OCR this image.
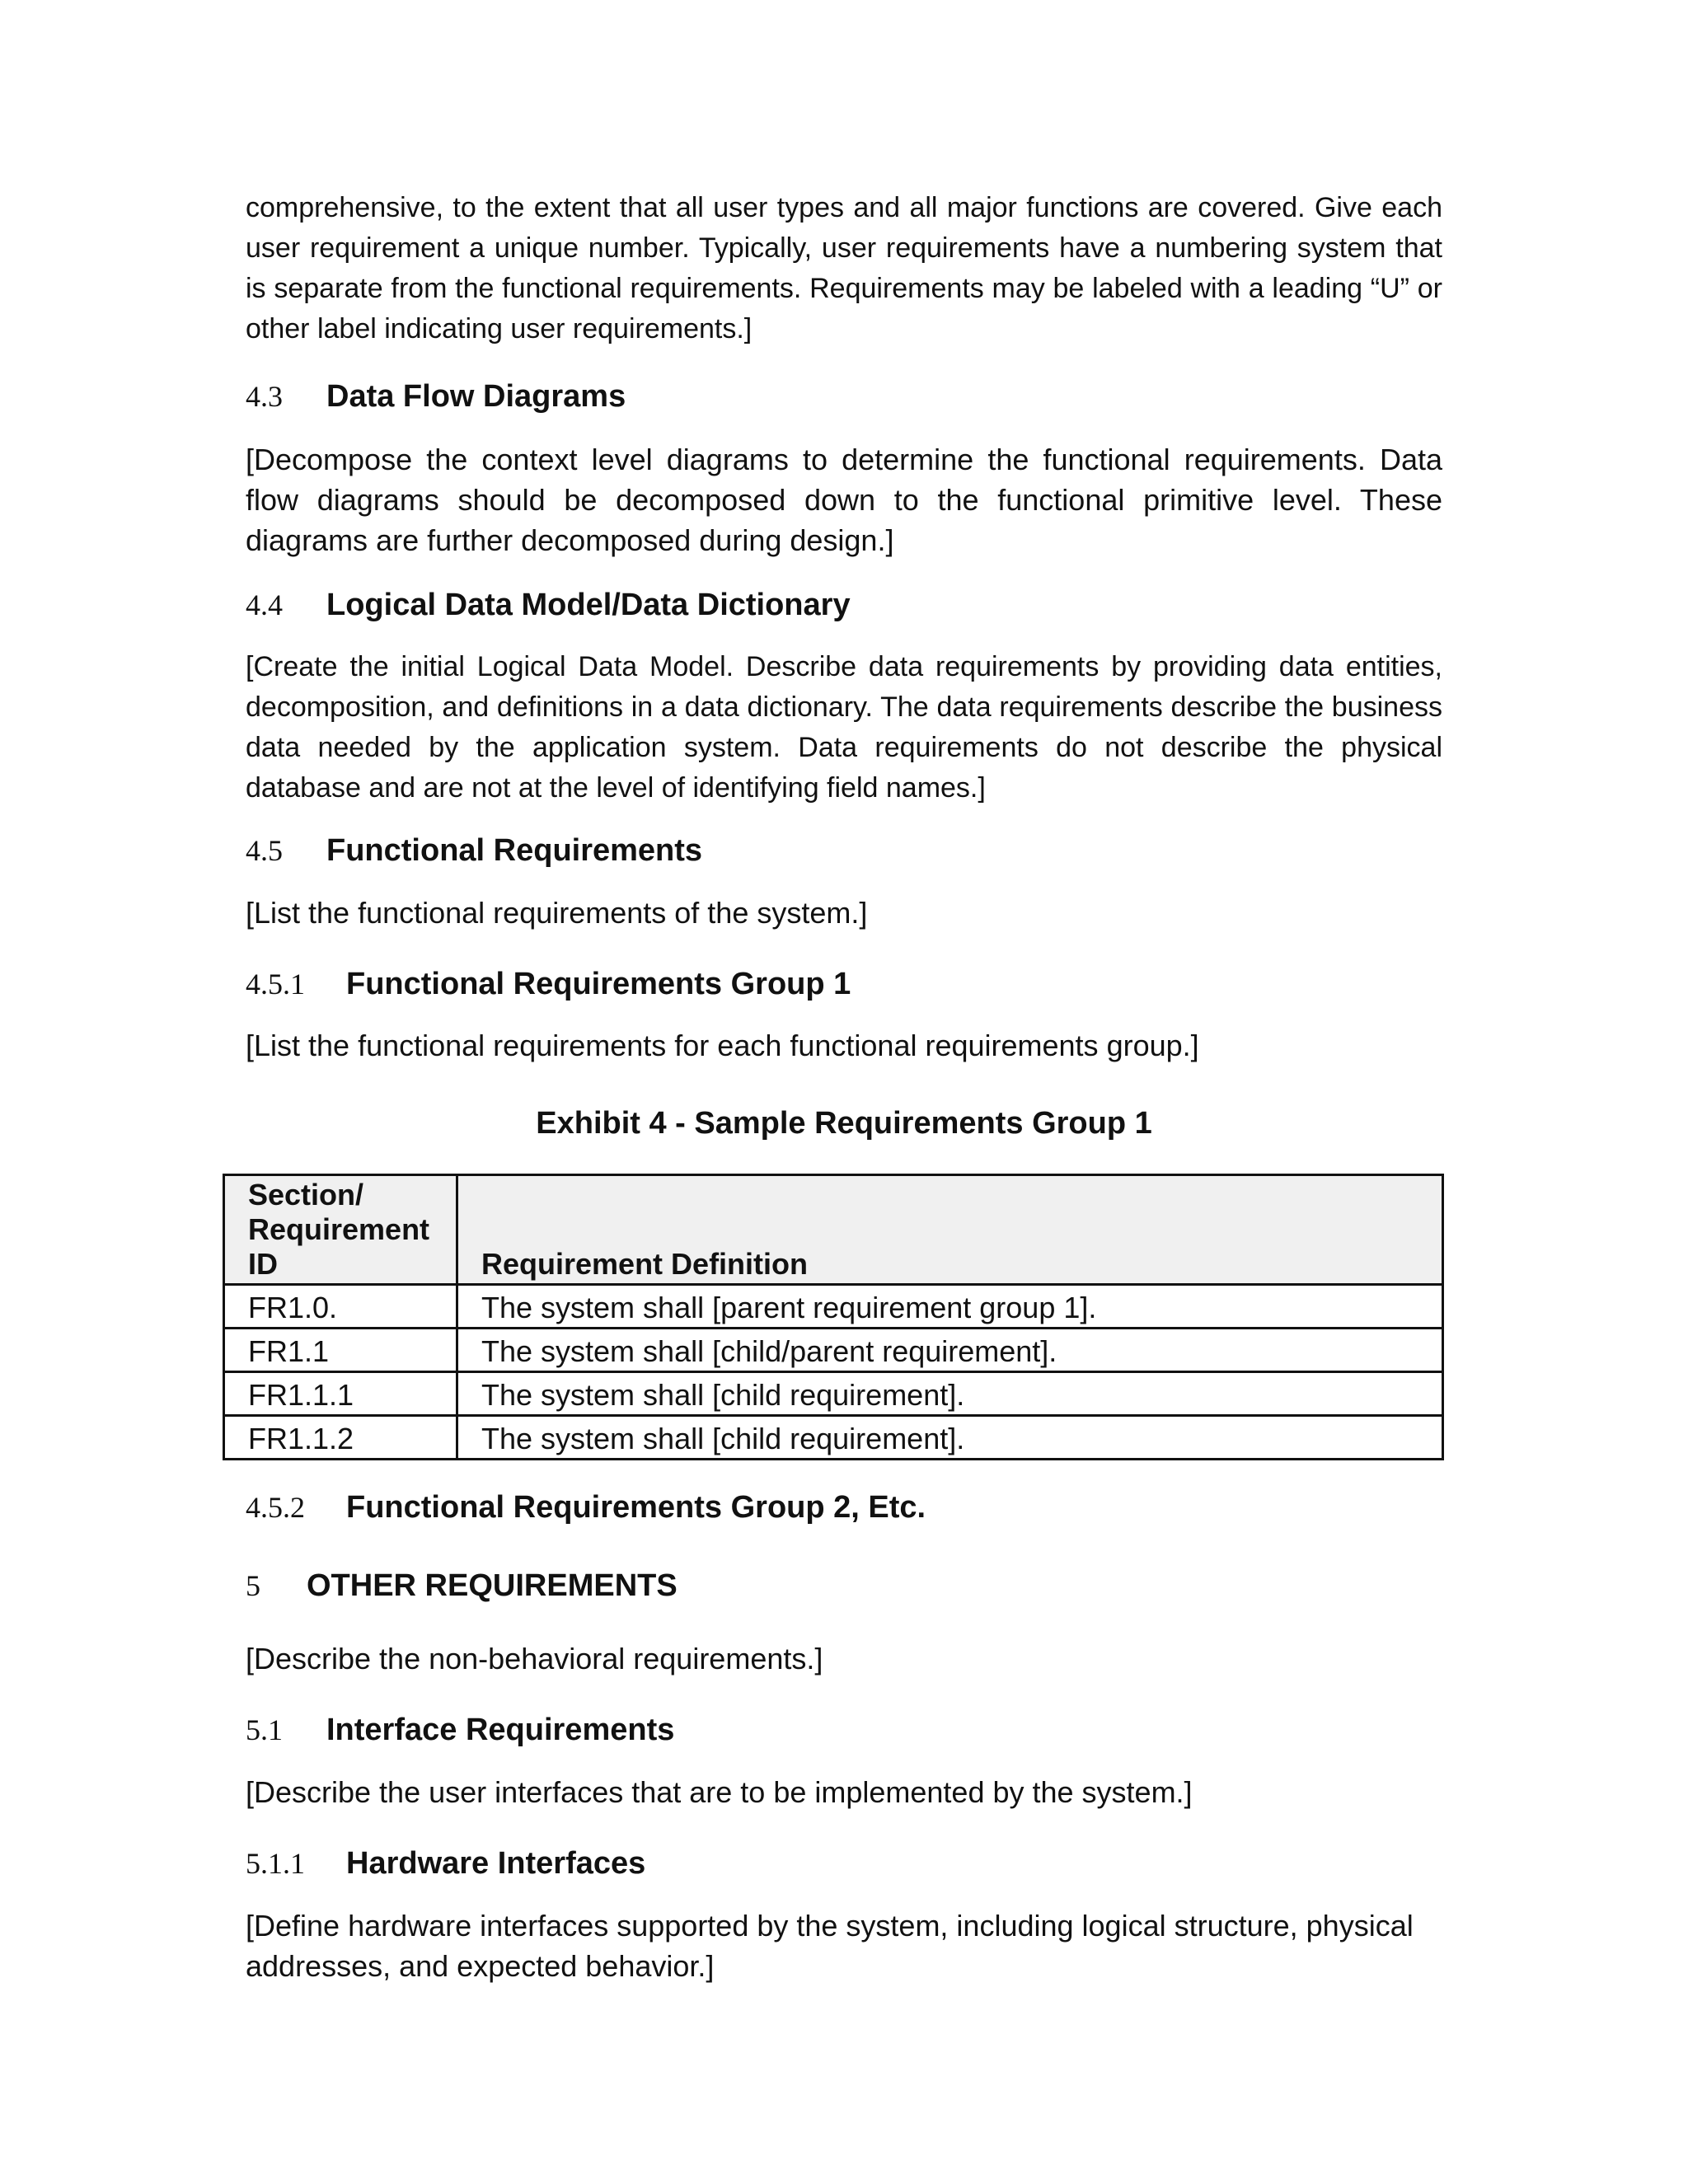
comprehensive, to the extent that all user types and all major functions are covered. Give each user requirement a unique number. Typically, user requirements have a numbering system that is separate from the functional requirements. Requirements may be labeled with a leading “U” or other label indicating user requirements.]

4.3	Data Flow Diagrams

[Decompose the context level diagrams to determine the functional requirements. Data flow diagrams should be decomposed down to the functional primitive level. These diagrams are further decomposed during design.]

4.4	Logical Data Model/Data Dictionary

[Create the initial Logical Data Model. Describe data requirements by providing data entities, decomposition, and definitions in a data dictionary. The data requirements describe the business data needed by the application system. Data requirements do not describe the physical database and are not at the level of identifying field names.]

4.5	Functional Requirements

[List the functional requirements of the system.]

4.5.1	Functional Requirements Group 1

[List the functional requirements for each functional requirements group.]

Exhibit 4 - Sample Requirements Group 1

Section/ Requirement ID	Requirement Definition
FR1.0.	The system shall [parent requirement group 1].
FR1.1	The system shall [child/parent requirement].
FR1.1.1	The system shall [child requirement].
FR1.1.2	The system shall [child requirement].
4.5.2	Functional Requirements Group 2, Etc.
5	OTHER REQUIREMENTS

[Describe the non-behavioral requirements.]

5.1	Interface Requirements

[Describe the user interfaces that are to be implemented by the system.]

5.1.1	Hardware Interfaces

[Define hardware interfaces supported by the system, including logical structure, physical addresses, and expected behavior.]
